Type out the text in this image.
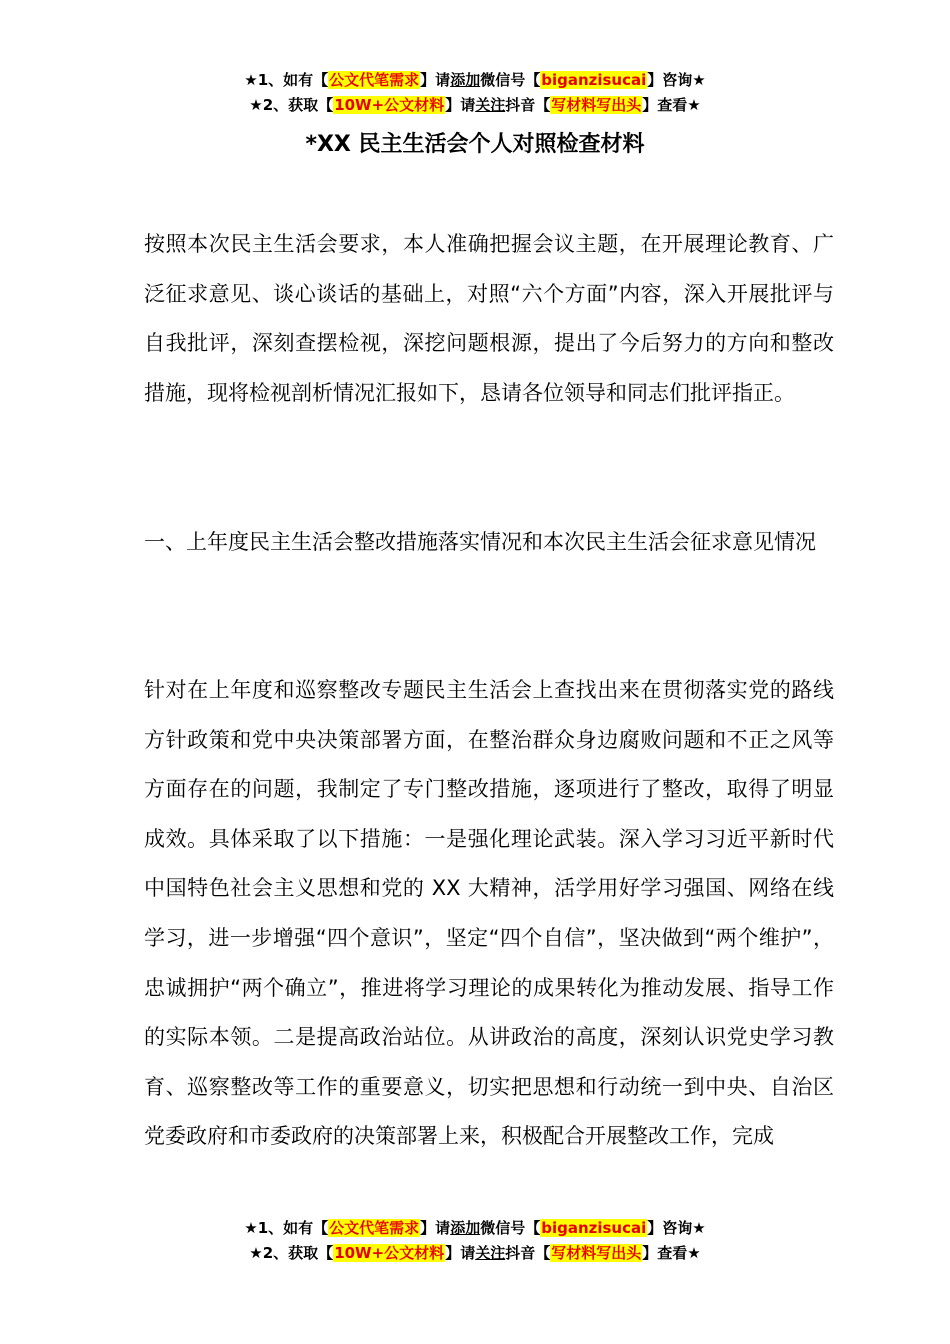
★1、如有【公文代笔需求】请添加微信号【biganzisucai】咨询★
★2、获取【10W+公文材料】请关注抖音【写材料写出头】查看★
*XX 民主生活会个人对照检查材料
按照本次民主生活会要求，本人准确把握会议主题，在开展理论教育、广泛征求意见、谈心谈话的基础上，对照“六个方面”内容，深入开展批评与自我批评，深刻查摆检视，深挖问题根源，提出了今后努力的方向和整改措施，现将检视剖析情况汇报如下，恳请各位领导和同志们批评指正。
一、上年度民主生活会整改措施落实情况和本次民主生活会征求意见情况
针对在上年度和巡察整改专题民主生活会上查找出来在贯彻落实党的路线方针政策和党中央决策部署方面，在整治群众身边腐败问题和不正之风等方面存在的问题，我制定了专门整改措施，逐项进行了整改，取得了明显成效。具体采取了以下措施：一是强化理论武装。深入学习习近平新时代中国特色社会主义思想和党的 XX 大精神，活学用好学习强国、网络在线学习，进一步增强“四个意识”，坚定“四个自信”，坚决做到“两个维护”，忠诚拥护“两个确立”，推进将学习理论的成果转化为推动发展、指导工作的实际本领。二是提高政治站位。从讲政治的高度，深刻认识党史学习教育、巡察整改等工作的重要意义，切实把思想和行动统一到中央、自治区党委政府和市委政府的决策部署上来，积极配合开展整改工作，完成
★1、如有【公文代笔需求】请添加微信号【biganzisucai】咨询★
★2、获取【10W+公文材料】请关注抖音【写材料写出头】查看★
